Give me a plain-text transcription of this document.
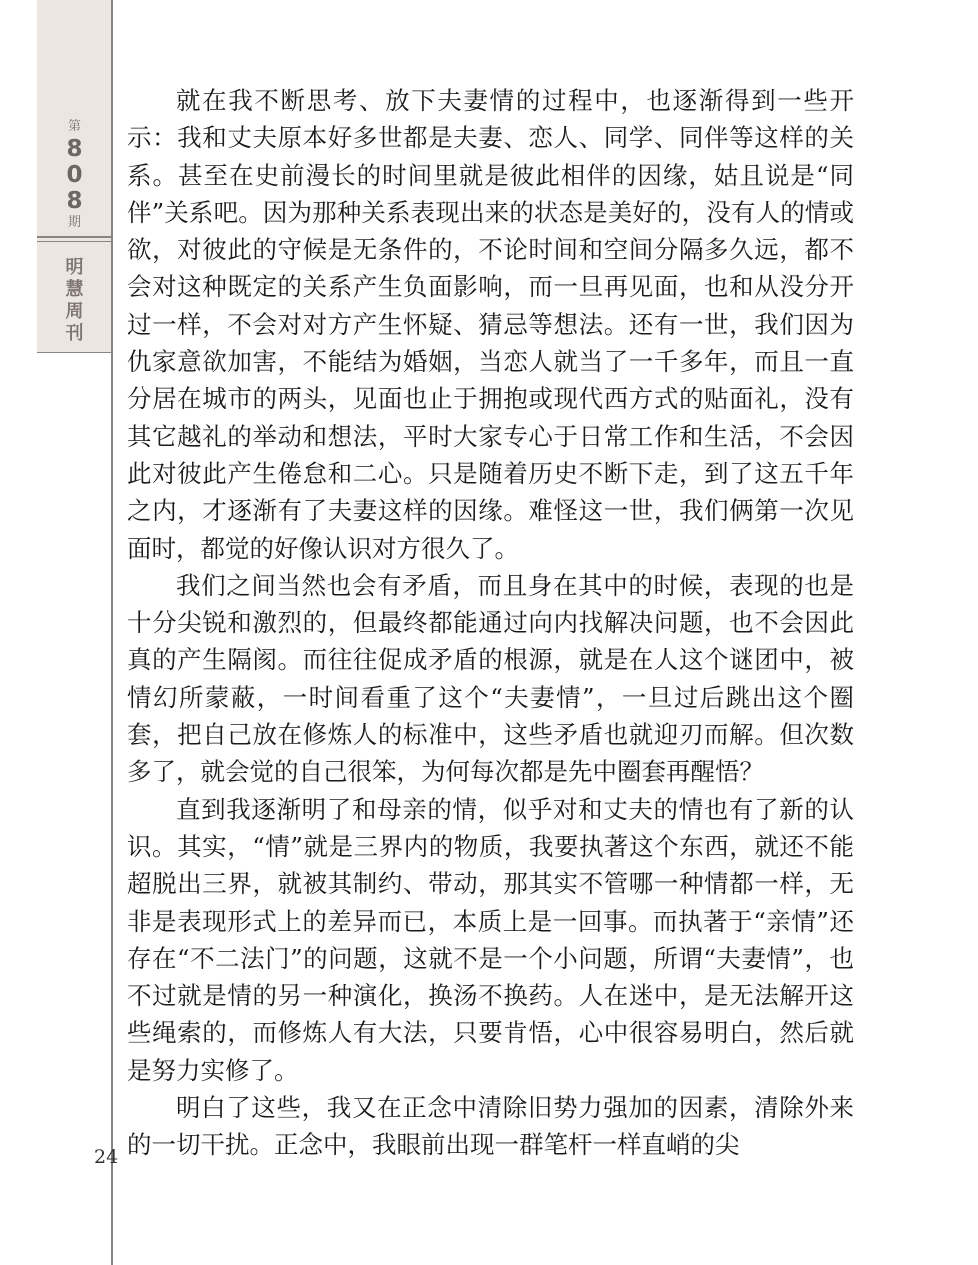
第
8
0
8
期
明
慧
周
刊
24

就在我不断思考、放下夫妻情的过程中，也逐渐得到一些开示：我和丈夫原本好多世都是夫妻、恋人、同学、同伴等这样的关系。甚至在史前漫长的时间里就是彼此相伴的因缘，姑且说是“同伴”关系吧。因为那种关系表现出来的状态是美好的，没有人的情或欲，对彼此的守候是无条件的，不论时间和空间分隔多久远，都不会对这种既定的关系产生负面影响，而一旦再见面，也和从没分开过一样，不会对对方产生怀疑、猜忌等想法。还有一世，我们因为仇家意欲加害，不能结为婚姻，当恋人就当了一千多年，而且一直分居在城市的两头，见面也止于拥抱或现代西方式的贴面礼，没有其它越礼的举动和想法，平时大家专心于日常工作和生活，不会因此对彼此产生倦怠和二心。只是随着历史不断下走，到了这五千年之内，才逐渐有了夫妻这样的因缘。难怪这一世，我们俩第一次见面时，都觉的好像认识对方很久了。

我们之间当然也会有矛盾，而且身在其中的时候，表现的也是十分尖锐和激烈的，但最终都能通过向内找解决问题，也不会因此真的产生隔阂。而往往促成矛盾的根源，就是在人这个谜团中，被情幻所蒙蔽，一时间看重了这个“夫妻情”，一旦过后跳出这个圈套，把自己放在修炼人的标准中，这些矛盾也就迎刃而解。但次数多了，就会觉的自己很笨，为何每次都是先中圈套再醒悟？

直到我逐渐明了和母亲的情，似乎对和丈夫的情也有了新的认识。其实，“情”就是三界内的物质，我要执著这个东西，就还不能超脱出三界，就被其制约、带动，那其实不管哪一种情都一样，无非是表现形式上的差异而已，本质上是一回事。而执著于“亲情”还存在“不二法门”的问题，这就不是一个小问题，所谓“夫妻情”，也不过就是情的另一种演化，换汤不换药。人在迷中，是无法解开这些绳索的，而修炼人有大法，只要肯悟，心中很容易明白，然后就是努力实修了。

明白了这些，我又在正念中清除旧势力强加的因素，清除外来的一切干扰。正念中，我眼前出现一群笔杆一样直峭的尖
